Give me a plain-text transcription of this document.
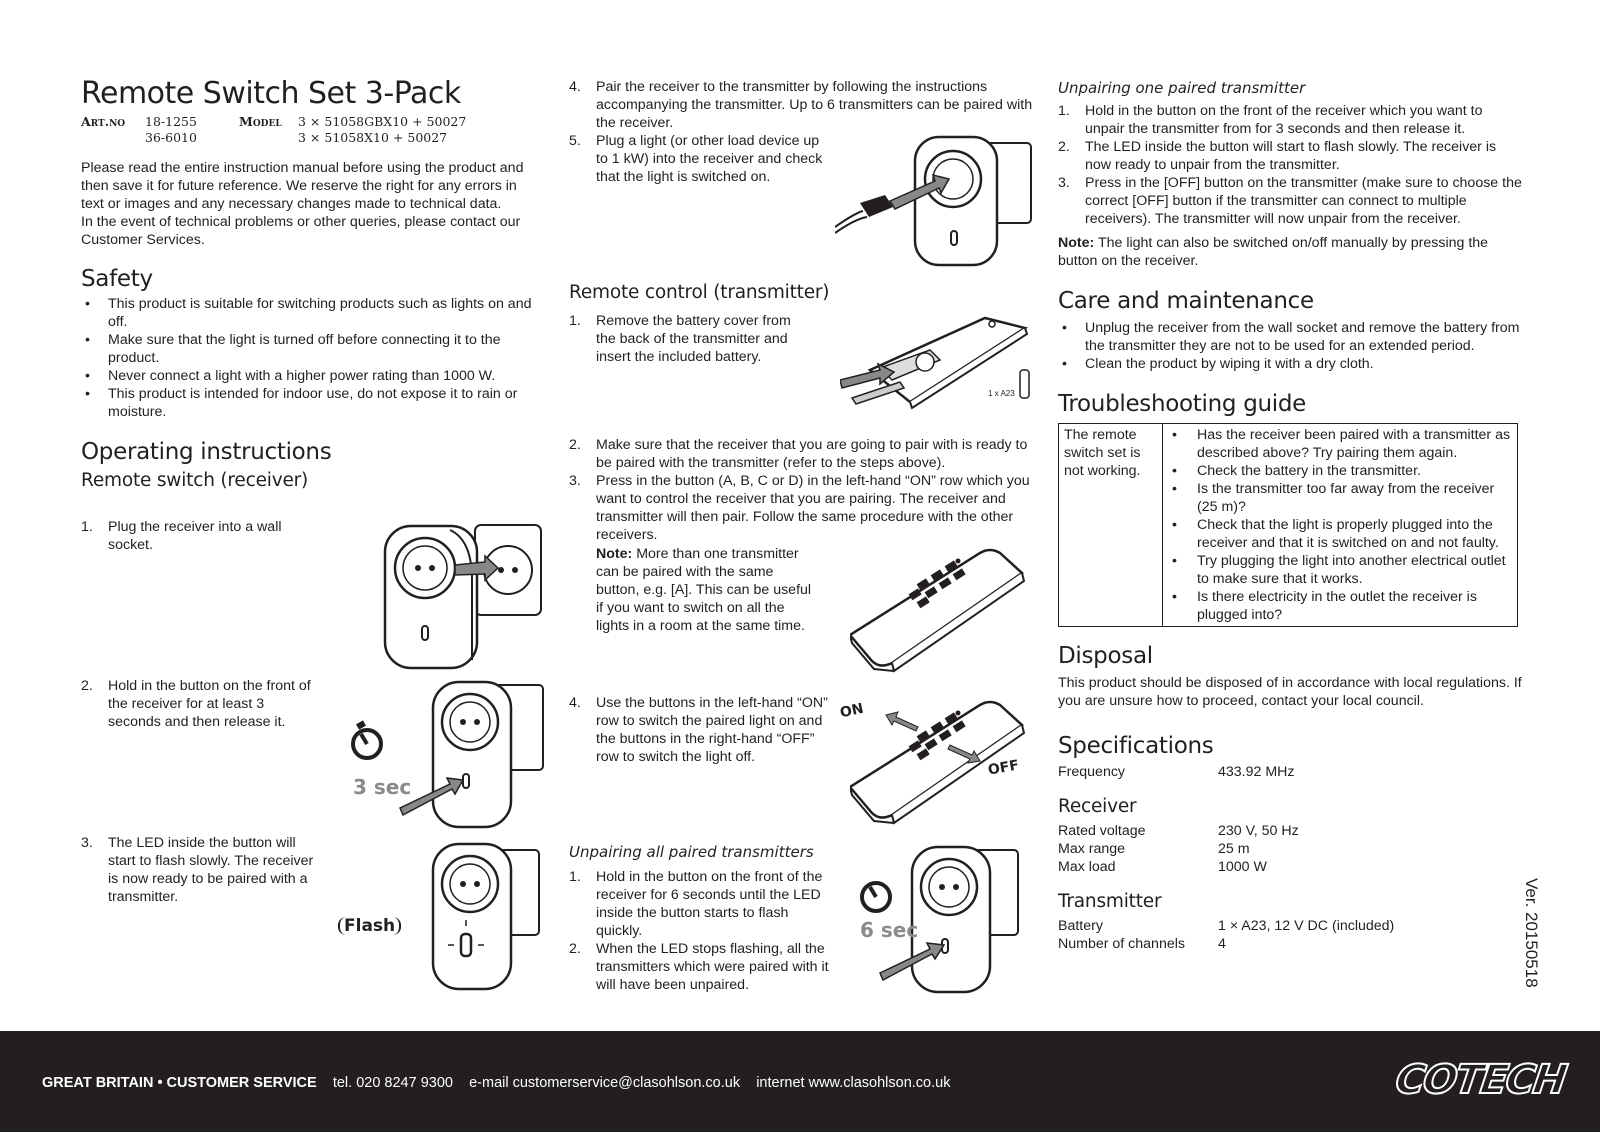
Remote Switch Set 3-Pack
Art.no	18-1255	Model	3 × 51058GBX10 + 50027
36-6010	3 × 51058X10 + 50027

Please read the entire instruction manual before using the product and then save it for future reference. We reserve the right for any errors in text or images and any necessary changes made to technical data.

In the event of technical problems or other queries, please contact our Customer Services.

Safety
• This product is suitable for switching products such as lights on and off.
• Make sure that the light is turned off before connecting it to the product.
• Never connect a light with a higher power rating than 1000 W.
• This product is intended for indoor use, do not expose it to rain or moisture.
Operating instructions
Remote switch (receiver)
1. Plug the receiver into a wall socket.
2. Hold in the button on the front of the receiver for at least 3 seconds and then release it.
3. The LED inside the button will start to flash slowly. The receiver is now ready to be paired with a transmitter.
3 sec
Flash
4. Pair the receiver to the transmitter by following the instructions accompanying the transmitter. Up to 6 transmitters can be paired with the receiver.
5. Plug a light (or other load device up to 1 kW) into the receiver and check that the light is switched on.
Remote control (transmitter)
1. Remove the battery cover from the back of the transmitter and insert the included battery.
1 x A23
2. Make sure that the receiver that you are going to pair with is ready to be paired with the transmitter (refer to the steps above).
3. Press in the button (A, B, C or D) in the left-hand “ON” row which you want to control the receiver that you are pairing. The receiver and transmitter will then pair. Follow the same procedure with the other receivers.
Note: More than one transmitter can be paired with the same button, e.g. [A]. This can be useful if you want to switch on all the lights in a room at the same time.
4. Use the buttons in the left-hand “ON” row to switch the paired light on and the buttons in the right-hand “OFF” row to switch the light off.
ON
OFF
Unpairing all paired transmitters
1. Hold in the button on the front of the receiver for 6 seconds until the LED inside the button starts to flash quickly.
2. When the LED stops flashing, all the transmitters which were paired with it will have been unpaired.
6 sec
Unpairing one paired transmitter
1. Hold in the button on the front of the receiver which you want to unpair the transmitter from for 3 seconds and then release it.
2. The LED inside the button will start to flash slowly. The receiver is now ready to unpair from the transmitter.
3. Press in the [OFF] button on the transmitter (make sure to choose the correct [OFF] button if the transmitter can connect to multiple receivers). The transmitter will now unpair from the receiver.

Note: The light can also be switched on/off manually by pressing the button on the receiver.

Care and maintenance
• Unplug the receiver from the wall socket and remove the battery from the transmitter they are not to be used for an extended period.
• Clean the product by wiping it with a dry cloth.
Troubleshooting guide
The remote switch set is not working.	
• Has the receiver been paired with a transmitter as described above? Try pairing them again.
• Check the battery in the transmitter.
• Is the transmitter too far away from the receiver (25 m)?
• Check that the light is properly plugged into the receiver and that it is switched on and not faulty.
• Try plugging the light into another electrical outlet to make sure that it works.
• Is there electricity in the outlet the receiver is plugged into?
Disposal

This product should be disposed of in accordance with local regulations. If you are unsure how to proceed, contact your local council.

Specifications
Frequency	433.92 MHz
Receiver
Rated voltage	230 V, 50 Hz
Max range	25 m
Max load	1000 W
Transmitter
Battery	1 × A23, 12 V DC (included)
Number of channels	4	Ver. 20150518
GREAT BRITAIN • CUSTOMER SERVICE tel. 020 8247 9300 e-mail customerservice@clasohlson.co.uk internet www.clasohlson.co.uk	COTECH
